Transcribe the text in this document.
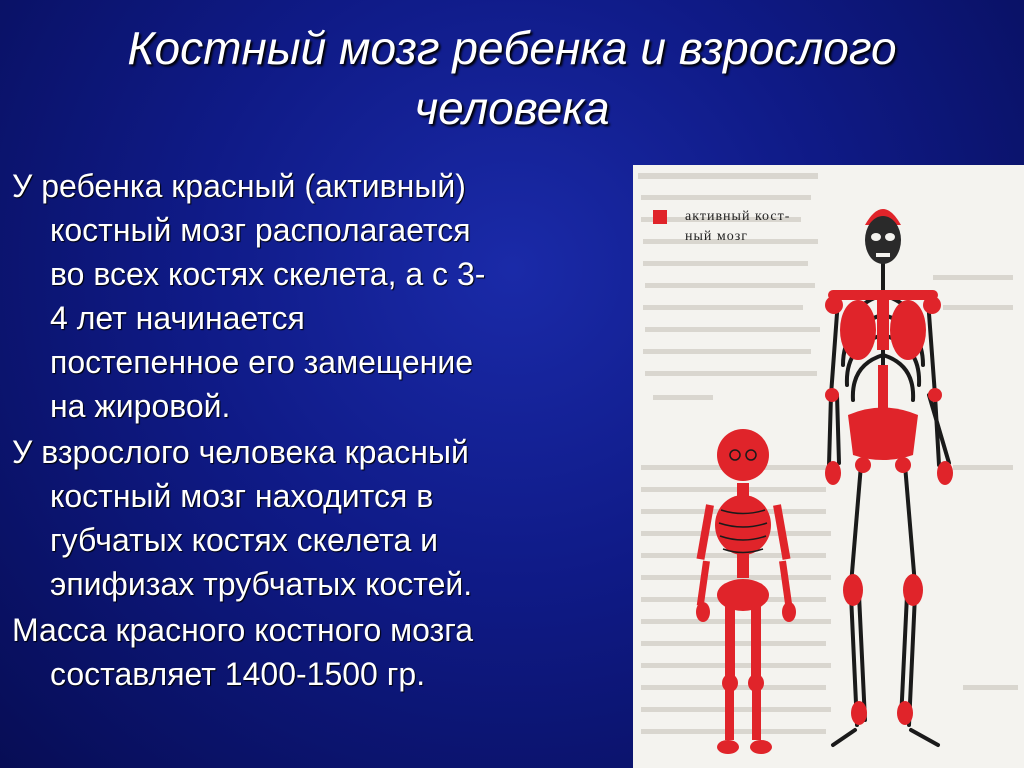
Костный мозг ребенка и взрослого
человека
У ребенка красный (активный)
костный мозг располагается
во всех костях скелета, а с 3-
4 лет начинается
постепенное его замещение
на жировой.
У взрослого человека красный
костный мозг находится в
губчатых костях скелета и
эпифизах трубчатых костей.
Масса красного костного мозга
составляет 1400-1500 гр.
активный кост-
ный мозг
